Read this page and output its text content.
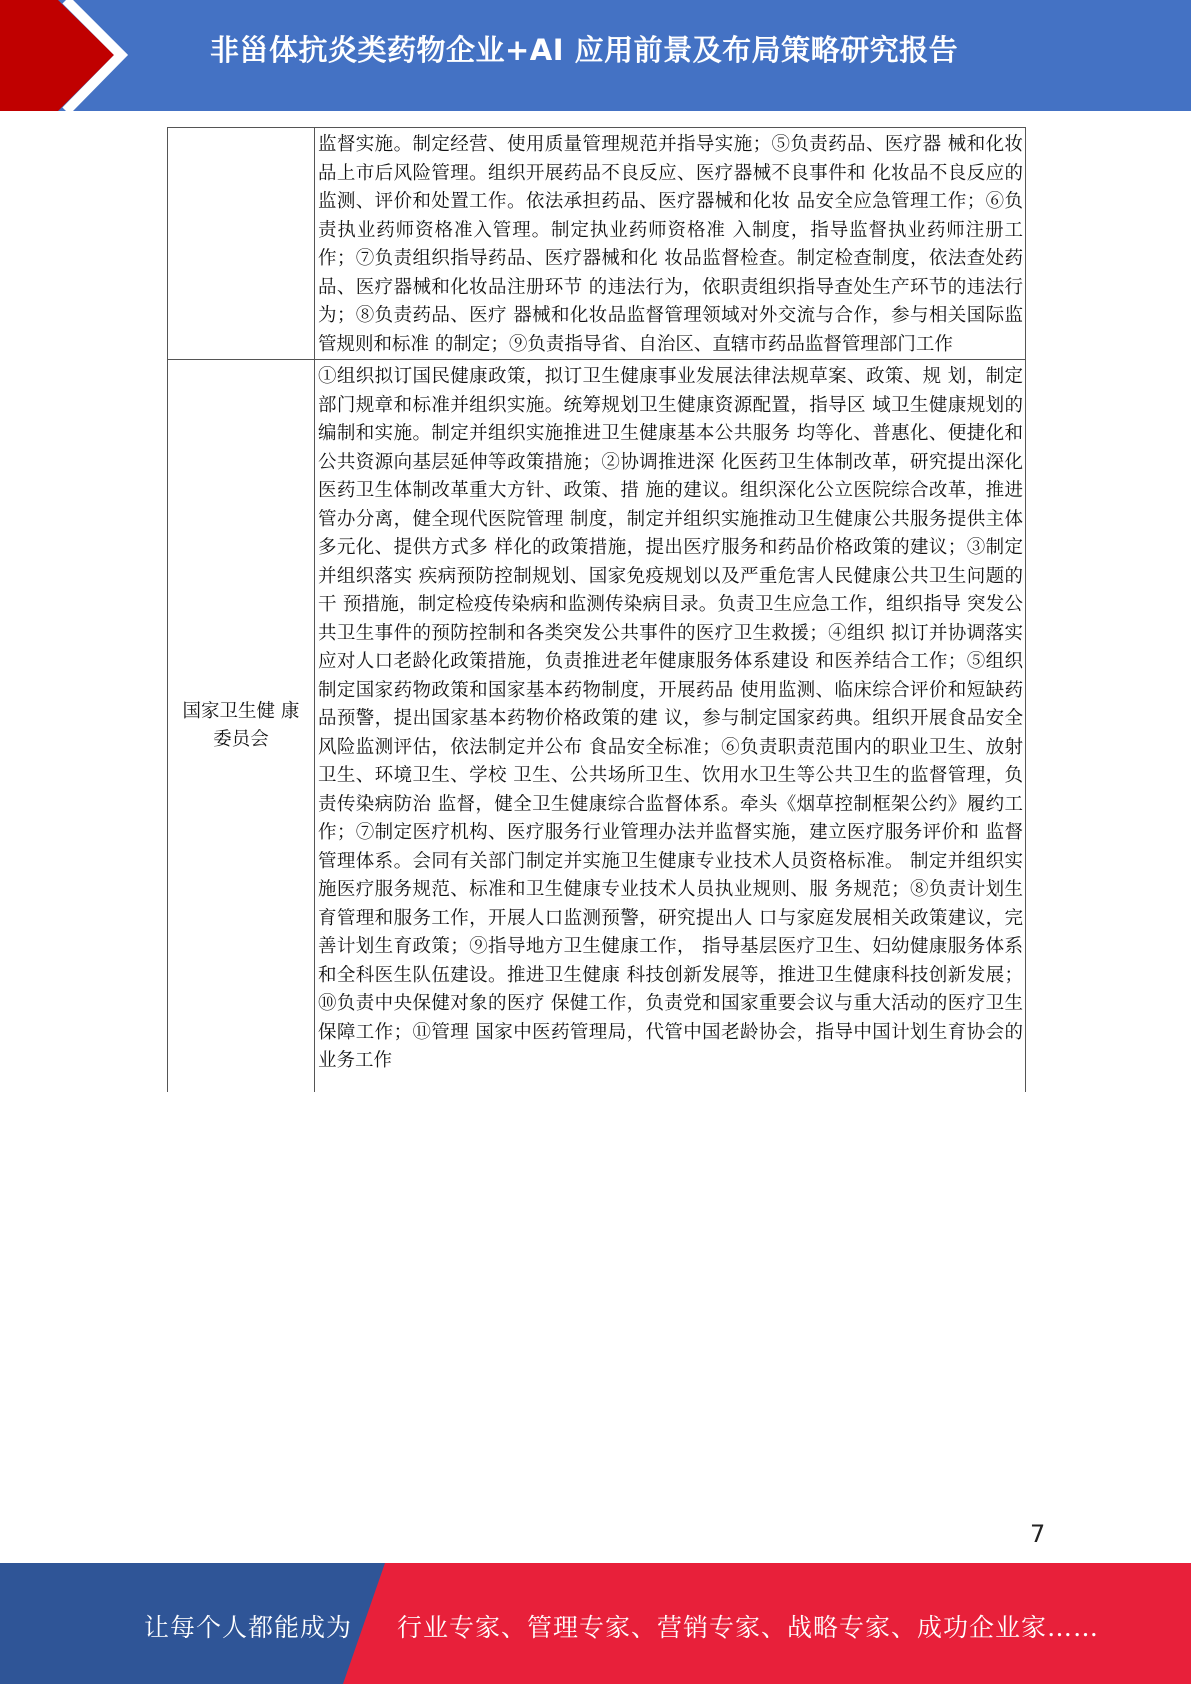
非甾体抗炎类药物企业+AI 应用前景及布局策略研究报告

	监督实施。制定经营、使用质量管理规范并指导实施；⑤负责药品、医疗器 械和化妆品上市后风险管理。组织开展药品不良反应、医疗器械不良事件和 化妆品不良反应的监测、评价和处置工作。依法承担药品、医疗器械和化妆 品安全应急管理工作；⑥负责执业药师资格准入管理。制定执业药师资格准 入制度，指导监督执业药师注册工作；⑦负责组织指导药品、医疗器械和化 妆品监督检查。制定检查制度，依法查处药品、医疗器械和化妆品注册环节 的违法行为，依职责组织指导查处生产环节的违法行为；⑧负责药品、医疗 器械和化妆品监督管理领域对外交流与合作，参与相关国际监管规则和标准 的制定；⑨负责指导省、自治区、直辖市药品监督管理部门工作

国家卫生健 康委员会	①组织拟订国民健康政策，拟订卫生健康事业发展法律法规草案、政策、规 划，制定部门规章和标准并组织实施。统筹规划卫生健康资源配置，指导区 域卫生健康规划的编制和实施。制定并组织实施推进卫生健康基本公共服务 均等化、普惠化、便捷化和公共资源向基层延伸等政策措施；②协调推进深 化医药卫生体制改革，研究提出深化医药卫生体制改革重大方针、政策、措 施的建议。组织深化公立医院综合改革，推进管办分离，健全现代医院管理 制度，制定并组织实施推动卫生健康公共服务提供主体多元化、提供方式多 样化的政策措施，提出医疗服务和药品价格政策的建议；③制定并组织落实 疾病预防控制规划、国家免疫规划以及严重危害人民健康公共卫生问题的干 预措施，制定检疫传染病和监测传染病目录。负责卫生应急工作，组织指导 突发公共卫生事件的预防控制和各类突发公共事件的医疗卫生救援；④组织 拟订并协调落实应对人口老龄化政策措施，负责推进老年健康服务体系建设 和医养结合工作；⑤组织制定国家药物政策和国家基本药物制度，开展药品 使用监测、临床综合评价和短缺药品预警，提出国家基本药物价格政策的建 议，参与制定国家药典。组织开展食品安全风险监测评估，依法制定并公布 食品安全标准；⑥负责职责范围内的职业卫生、放射卫生、环境卫生、学校 卫生、公共场所卫生、饮用水卫生等公共卫生的监督管理，负责传染病防治 监督，健全卫生健康综合监督体系。牵头《烟草控制框架公约》履约工作；⑦制定医疗机构、医疗服务行业管理办法并监督实施，建立医疗服务评价和 监督管理体系。会同有关部门制定并实施卫生健康专业技术人员资格标准。 制定并组织实施医疗服务规范、标准和卫生健康专业技术人员执业规则、服 务规范；⑧负责计划生育管理和服务工作，开展人口监测预警，研究提出人 口与家庭发展相关政策建议，完善计划生育政策；⑨指导地方卫生健康工作， 指导基层医疗卫生、妇幼健康服务体系和全科医生队伍建设。推进卫生健康 科技创新发展等，推进卫生健康科技创新发展；⑩负责中央保健对象的医疗 保健工作，负责党和国家重要会议与重大活动的医疗卫生保障工作；⑪管理 国家中医药管理局，代管中国老龄协会，指导中国计划生育协会的业务工作
7
让每个人都能成为 行业专家、管理专家、营销专家、战略专家、成功企业家……
